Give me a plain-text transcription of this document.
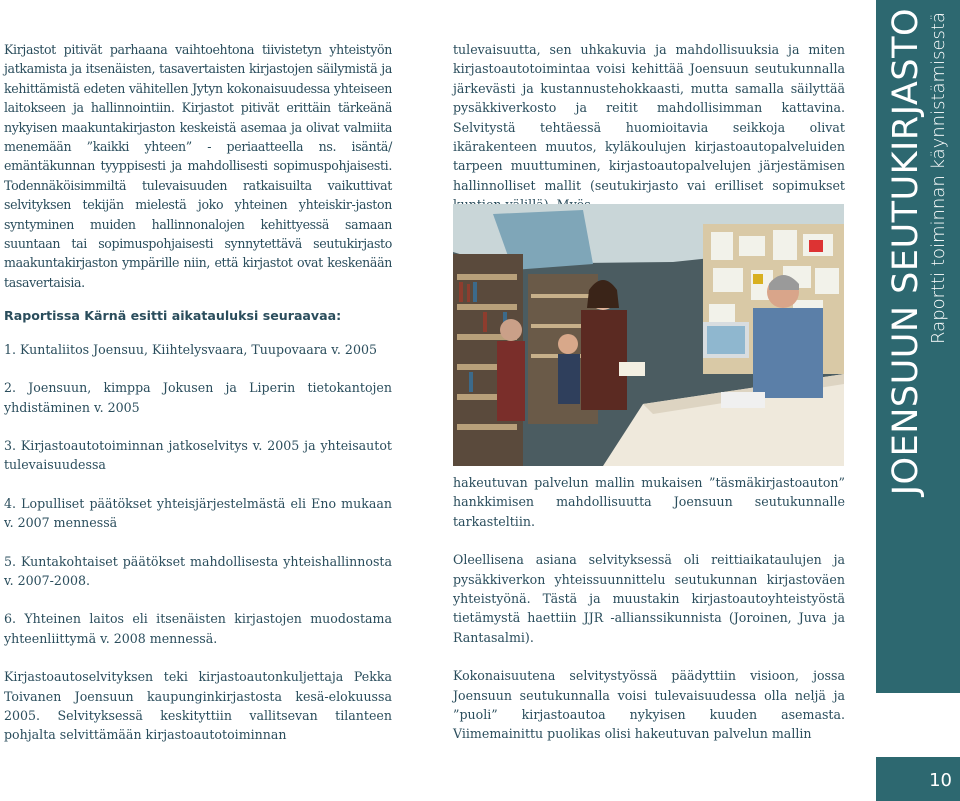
Kirjastot pitivät parhaana vaihtoehtona tiivistetyn yhteistyön jatkamista ja itsenäisten, tasavertaisten kirjastojen säilymistä ja kehittämistä edeten vähitellen Jytyn kokonaisuudessa yhteiseen laitokseen ja hallinnointiin. Kirjastot pitivät erittäin tärkeänä nykyisen maakuntakirjaston keskeistä asemaa ja olivat valmiita menemään ”kaikki yhteen” - periaatteella ns. isäntä/ emäntäkunnan tyyppisesti ja mahdollisesti sopimuspohjaisesti. Todennäköisimmiltä tulevaisuuden ratkaisuilta vaikuttivat selvityksen tekijän mielestä joko yhteinen yhteiskir-jaston syntyminen muiden hallinnonalojen kehittyessä samaan suuntaan tai sopimuspohjaisesti synnytettävä seutukirjasto maakuntakirjaston ympärille niin, että kirjastot ovat keskenään tasavertaisia.

Raportissa Kärnä esitti aikatauluksi seuraavaa:

1. Kuntaliitos Joensuu, Kiihtelysvaara, Tuupovaara v. 2005

2. Joensuun, kimppa Jokusen ja Liperin tietokantojen yhdistäminen v. 2005

3. Kirjastoautotoiminnan jatkoselvitys v. 2005 ja yhteisautot tulevaisuudessa

4. Lopulliset päätökset yhteisjärjestelmästä eli Eno mukaan v. 2007 mennessä

5. Kuntakohtaiset päätökset mahdollisesta yhteishallinnosta v. 2007-2008.

6. Yhteinen laitos eli itsenäisten kirjastojen muodostama yhteenliittymä v. 2008 mennessä.

Kirjastoautoselvityksen teki kirjastoautonkuljettaja Pekka Toivanen Joensuun kaupunginkirjastosta kesä-elokuussa 2005. Selvityksessä keskityttiin vallitsevan tilanteen pohjalta selvittämään kirjastoautotoiminnan

tulevaisuutta, sen uhkakuvia ja mahdollisuuksia ja miten kirjastoautotoimintaa voisi kehittää Joensuun seutukunnalla järkevästi ja kustannustehokkaasti, mutta samalla säilyttää pysäkkiverkosto ja reitit mahdollisimman kattavina. Selvitystä tehtäessä huomioitavia seikkoja olivat ikärakenteen muutos, kyläkoulujen kirjastoautopalveluiden tarpeen muuttuminen, kirjastoautopalvelujen järjestämisen hallinnolliset mallit (seutukirjasto vai erilliset sopimukset

hakeutuvan palvelun mallin mukaisen ”täsmäkirjastoauton” hankkimisen mahdollisuutta Joensuun seutukunnalle tarkasteltiin.

Oleellisena asiana selvityksessä oli reittiaikataulujen ja pysäkkiverkon yhteissuunnittelu seutukunnan kirjastoväen yhteistyönä. Tästä ja muustakin kirjastoautoyhteistyöstä tietämystä haettiin JJR -allianssikunnista (Joroinen, Juva ja Rantasalmi).

Kokonaisuutena selvitystyössä päädyttiin visioon, jossa Joensuun seutukunnalla voisi tulevaisuudessa olla neljä ja ”puoli” kirjastoautoa nykyisen kuuden asemasta. Viimemainittu puolikas olisi hakeutuvan palvelun mallin

JOENSUUN SEUTUKIRJASTO Raportti toiminnan käynnistämisestä
10
